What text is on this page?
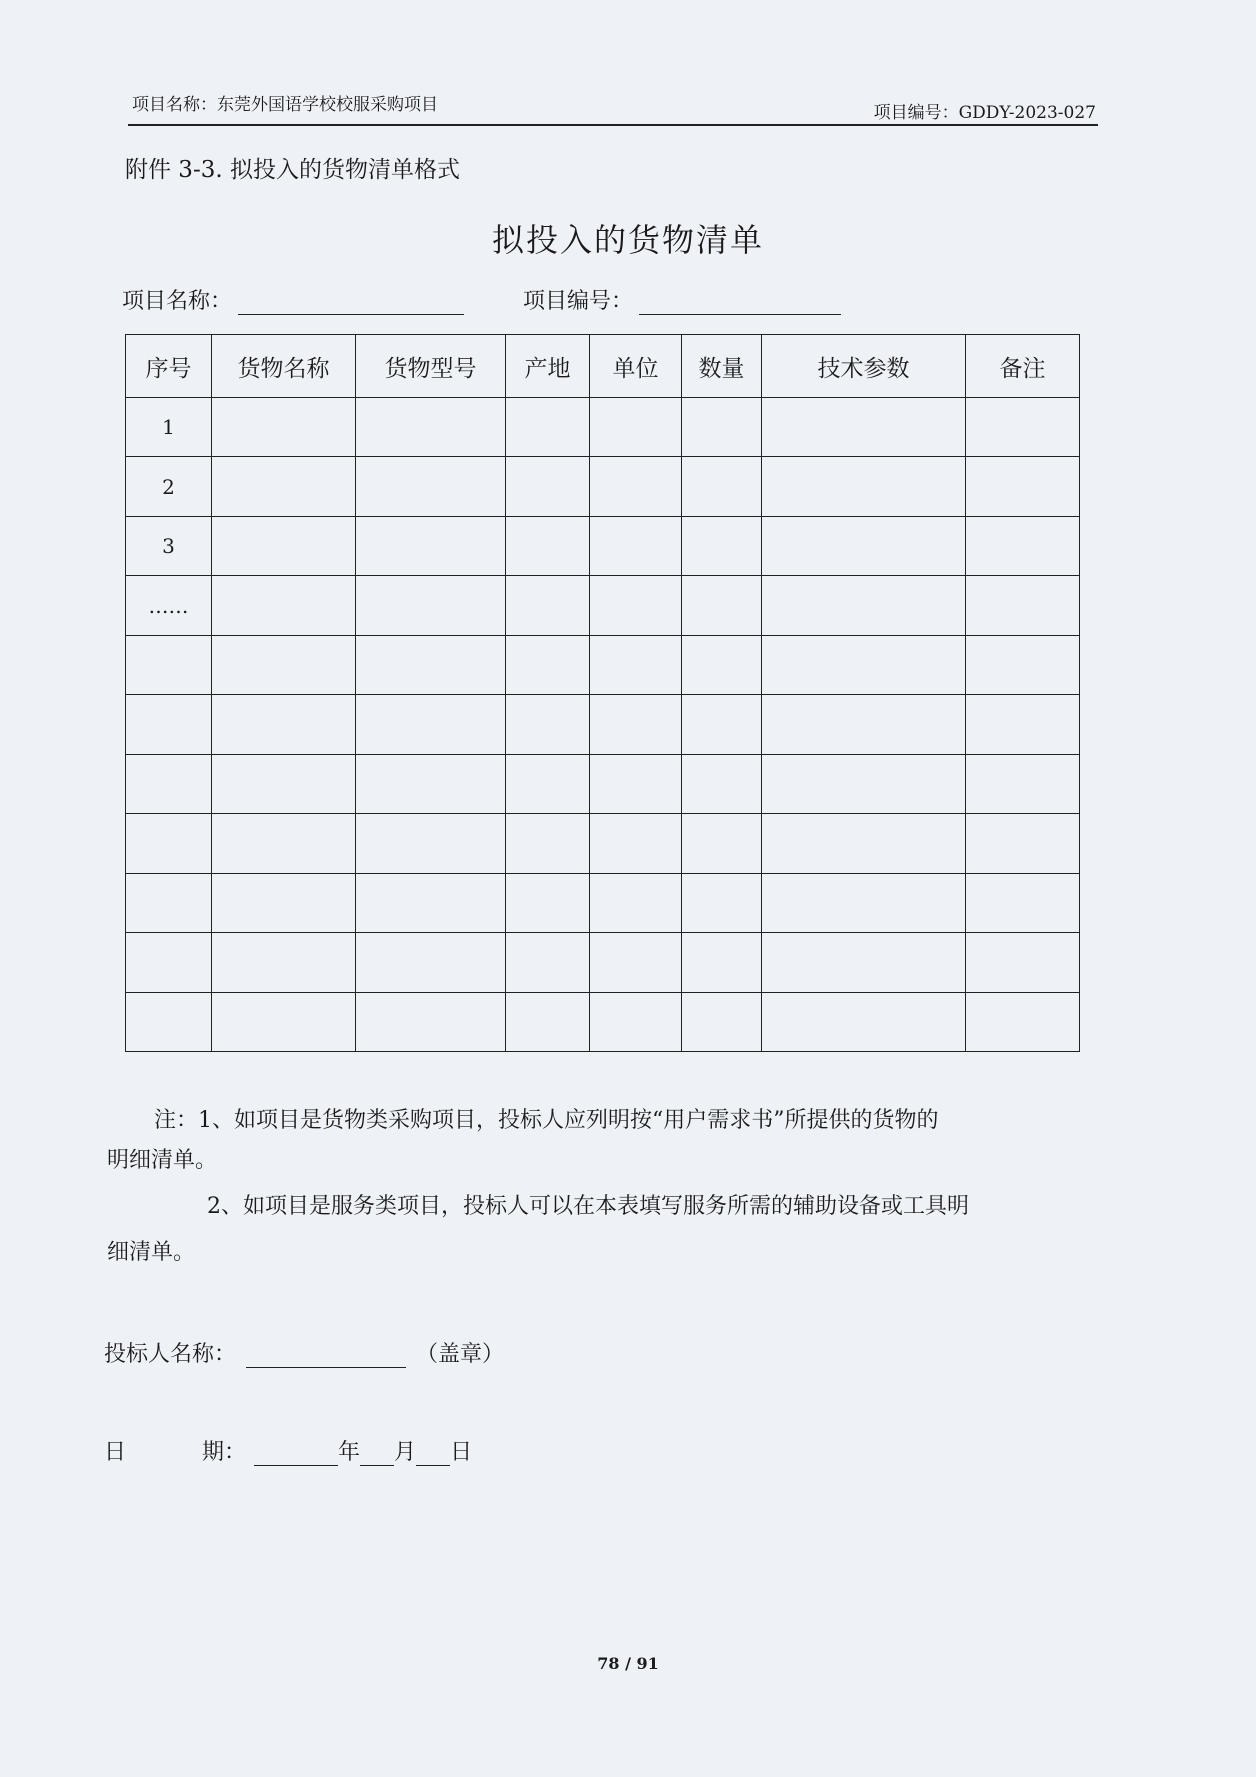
项目名称：东莞外国语学校校服采购项目	项目编号：GDDY-2023-027
附件 3-3. 拟投入的货物清单格式
拟投入的货物清单
项目名称：	项目编号：
序号	货物名称	货物型号	产地	单位	数量	技术参数	备注
1							
2							
3							
……							

注：1、如项目是货物类采购项目，投标人应列明按“用户需求书”所提供的货物的
明细清单。
2、如项目是服务类项目，投标人可以在本表填写服务所需的辅助设备或工具明
细清单。
投标人名称：	（盖章）
日	期：	年 月 日
78 / 91
